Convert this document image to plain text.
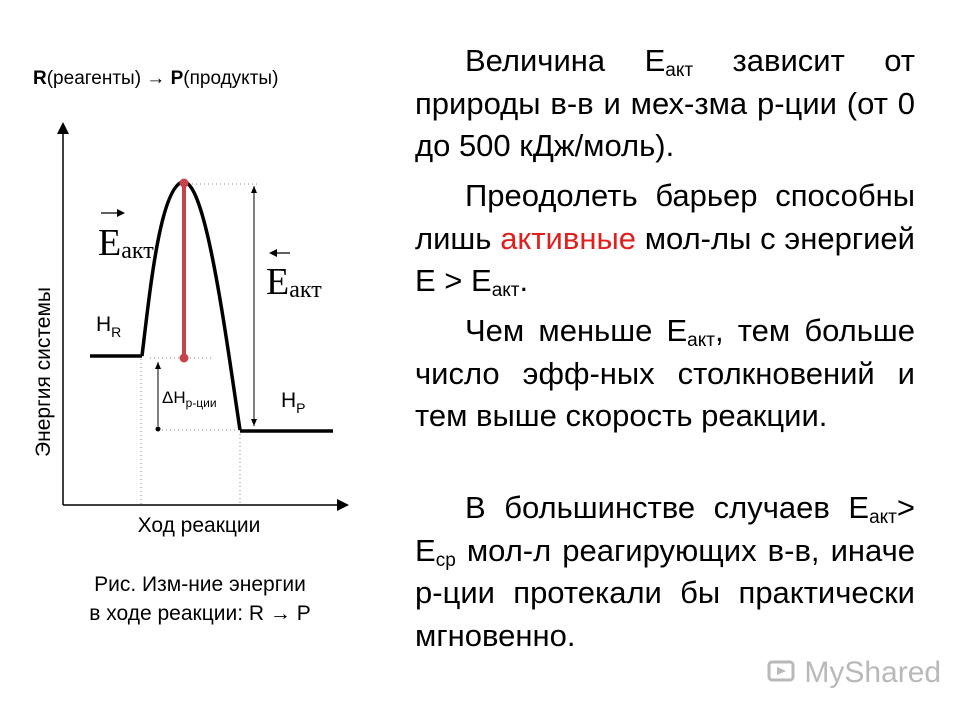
Энергия системы
Ход реакции
$H_R$
$H_P$
$\Delta H_{р-ции}$
Eакт
Eакт
R(реагенты) → P(продукты)
Рис. Изм-ние энергии
в ходе реакции: R → P
Величина $Е_{акт}$ зависит от природы в-в и мех-зма р-ции (от 0 до 500 кДж/моль).
Преодолеть барьер способны лишь активные мол-лы с энергией $Е > Е_{акт}$.
Чем меньше $Е_{акт}$, тем больше число эфф-ных столкновений и тем выше скорость реакции.
В большинстве случаев $Е_{акт}> Е_{ср}$ мол-л реагирующих в-в, иначе р-ции протекали бы практически мгновенно.
MyShared
